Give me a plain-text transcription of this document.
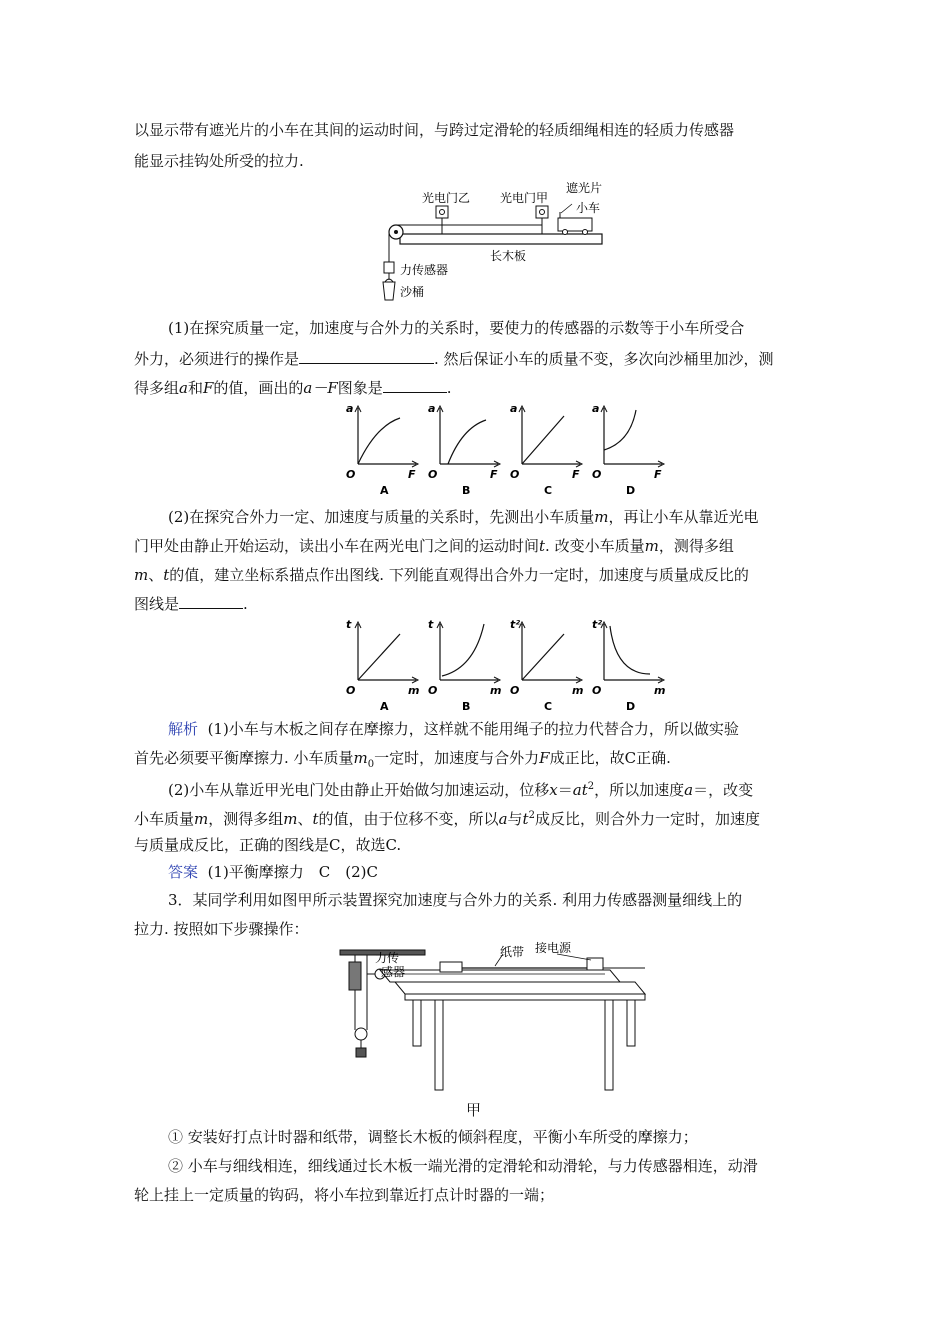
以显示带有遮光片的小车在其间的运动时间，与跨过定滑轮的轻质细绳相连的轻质力传感器
能显示挂钩处所受的拉力.
光电门乙 光电门甲
遮光片
小车
长木板
力传感器
沙桶
(1)在探究质量一定，加速度与合外力的关系时，要使力的传感器的示数等于小车所受合
外力，必须进行的操作是	. 然后保证小车的质量不变，多次向沙桶里加沙，测
得多组a和F的值，画出的a－F图象是	.
a
F
O
A
a
F
O
B
a
F
O
C
a
F
O
D
(2)在探究合外力一定、加速度与质量的关系时，先测出小车质量m，再让小车从靠近光电
门甲处由静止开始运动，读出小车在两光电门之间的运动时间t. 改变小车质量m，测得多组
m、t的值，建立坐标系描点作出图线. 下列能直观得出合外力一定时，加速度与质量成反比的
图线是	.
t
m
O
A
t
m
O
B
t²
m
O
C
t²
m
O
D
解析 (1)小车与木板之间存在摩擦力，这样就不能用绳子的拉力代替合力，所以做实验
首先必须要平衡摩擦力. 小车质量$m_0$一定时，加速度与合外力F成正比，故C正确.
(2)小车从靠近甲光电门处由静止开始做匀加速运动，位移$x=at^2$，所以加速度a＝，改变
小车质量m，测得多组m、t的值，由于位移不变，所以a与$t^2$成反比，则合外力一定时，加速度
与质量成反比，正确的图线是C，故选C.
答案 (1)平衡摩擦力　C　(2)C
3．某同学利用如图甲所示装置探究加速度与合外力的关系. 利用力传感器测量细线上的
拉力. 按照如下步骤操作：
力传
感器
纸带 接电源
甲
① 安装好打点计时器和纸带，调整长木板的倾斜程度，平衡小车所受的摩擦力；
② 小车与细线相连，细线通过长木板一端光滑的定滑轮和动滑轮，与力传感器相连，动滑
轮上挂上一定质量的钩码，将小车拉到靠近打点计时器的一端；
